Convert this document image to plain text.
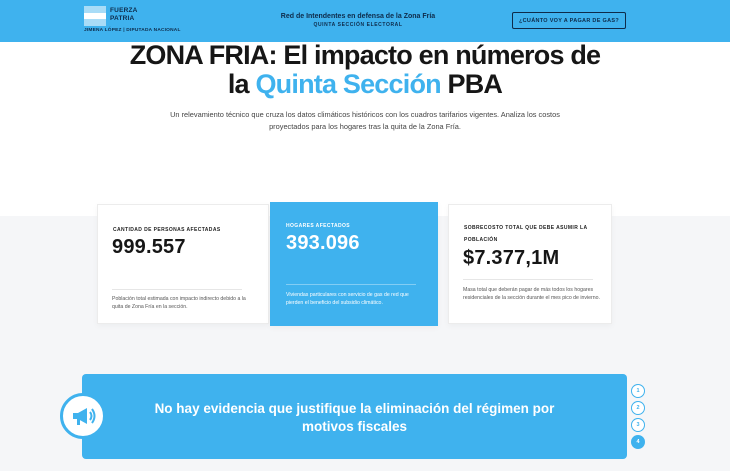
FUERZA
PATRIA
JIMENA LÓPEZ | DIPUTADA NACIONAL
Red de Intendentes en defensa de la Zona Fría
QUINTA SECCIÓN ELECTORAL
¿CUÁNTO VOY A PAGAR DE GAS?
ZONA FRIA: El impacto en números de
la Quinta Sección PBA

Un relevamiento técnico que cruza los datos climáticos históricos con los cuadros tarifarios vigentes. Analiza los costos proyectados para los hogares tras la quita de la Zona Fría.

CANTIDAD DE PERSONAS AFECTADAS
999.557
Población total estimada con impacto indirecto debido a la quita de Zona Fría en la sección.
HOGARES AFECTADOS
393.096
Viviendas particulares con servicio de gas de red que pierden el beneficio del subsidio climático.
SOBRECOSTO TOTAL QUE DEBE ASUMIR LA POBLACIÓN
$7.377,1M
Masa total que deberán pagar de más todos los hogares residenciales de la sección durante el mes pico de invierno.
No hay evidencia que justifique la eliminación del régimen por motivos fiscales
1
2
3
4
